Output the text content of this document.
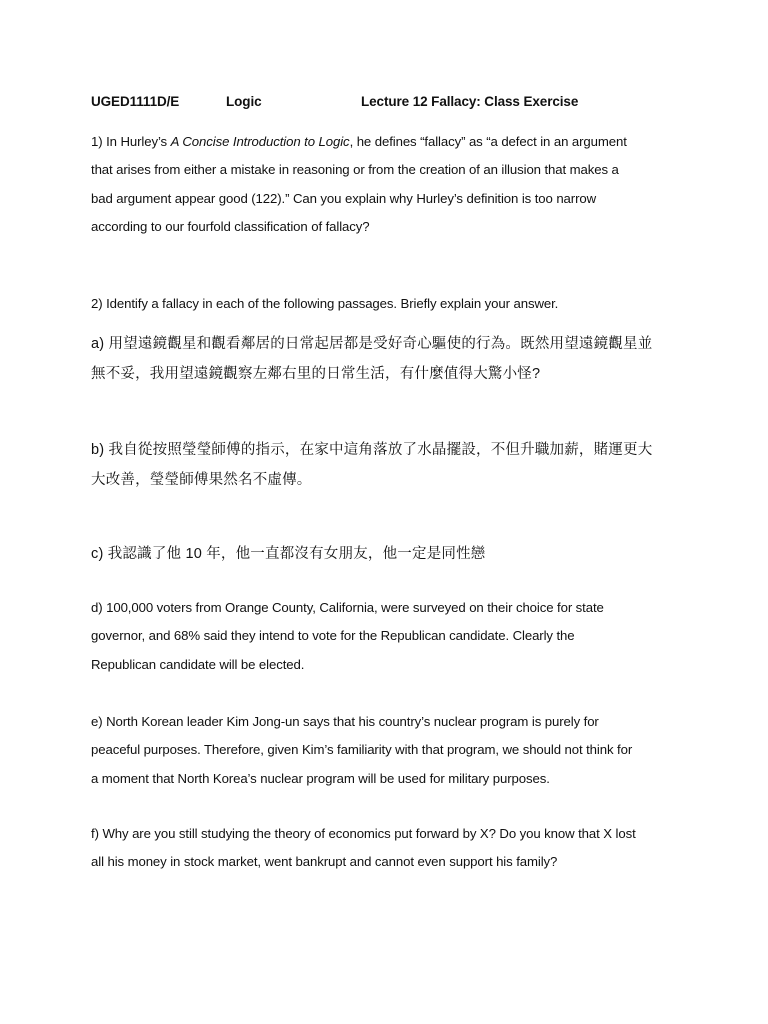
UGED1111D/E	Logic	Lecture 12 Fallacy: Class Exercise
1) In Hurley’s A Concise Introduction to Logic, he defines “fallacy” as “a defect in an argument
that arises from either a mistake in reasoning or from the creation of an illusion that makes a
bad argument appear good (122).” Can you explain why Hurley’s definition is too narrow
according to our fourfold classification of fallacy?
2) Identify a fallacy in each of the following passages. Briefly explain your answer.
a) 用望遠鏡觀星和觀看鄰居的日常起居都是受好奇心驅使的行為。既然用望遠鏡觀星並
無不妥，我用望遠鏡觀察左鄰右里的日常生活，有什麼值得大驚小怪?
b) 我自從按照瑩瑩師傅的指示，在家中這角落放了水晶擺設，不但升職加薪，賭運更大
大改善，瑩瑩師傅果然名不虛傳。
c) 我認識了他 10 年，他一直都沒有女朋友，他一定是同性戀
d) 100,000 voters from Orange County, California, were surveyed on their choice for state
governor, and 68% said they intend to vote for the Republican candidate. Clearly the
Republican candidate will be elected.
e) North Korean leader Kim Jong-un says that his country’s nuclear program is purely for
peaceful purposes. Therefore, given Kim’s familiarity with that program, we should not think for
a moment that North Korea’s nuclear program will be used for military purposes.
f) Why are you still studying the theory of economics put forward by X? Do you know that X lost
all his money in stock market, went bankrupt and cannot even support his family?
